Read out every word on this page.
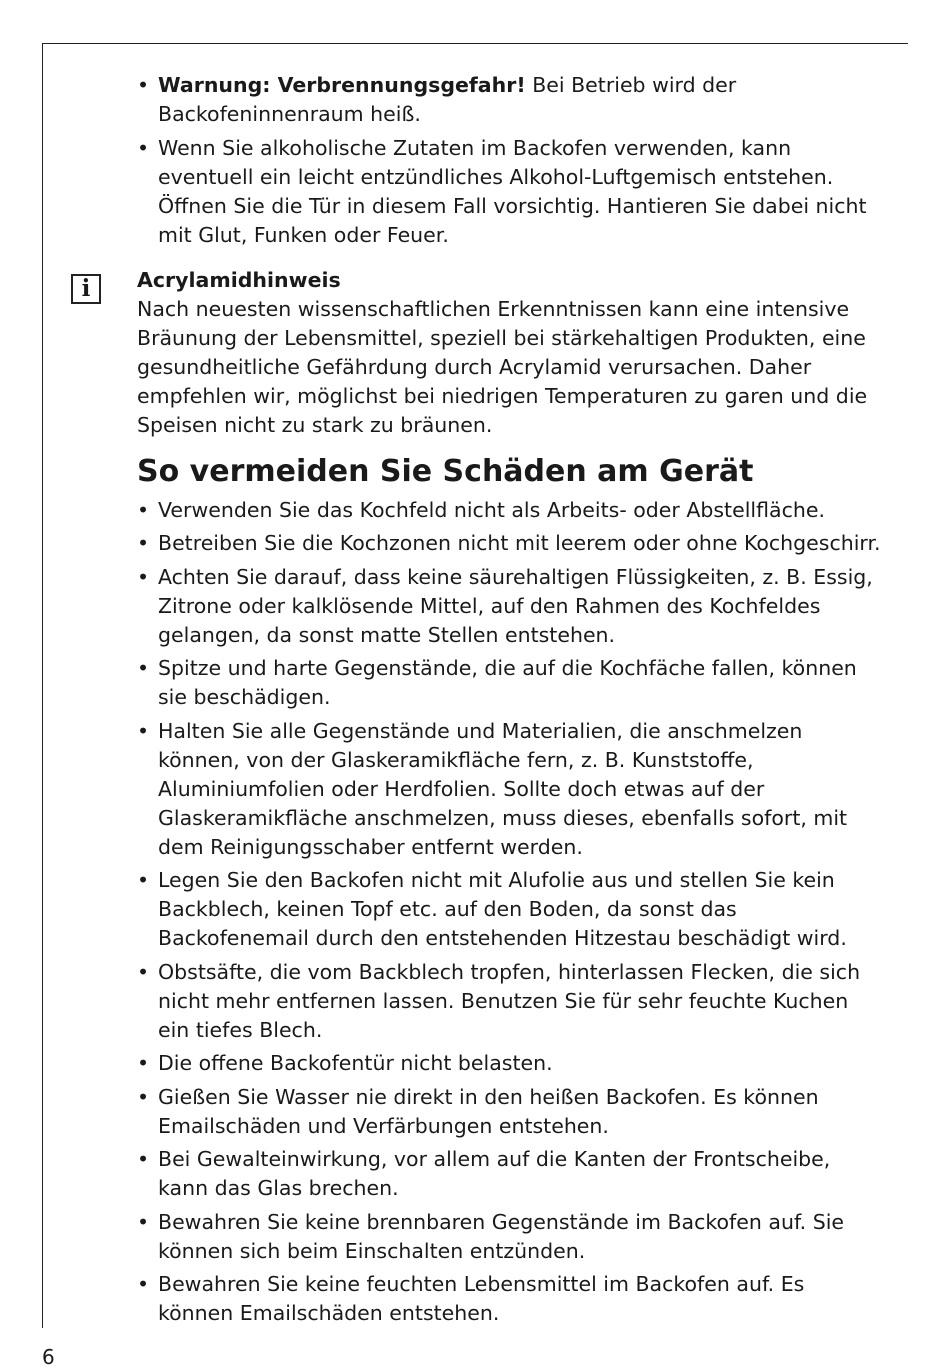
• Warnung: Verbrennungsgefahr! Bei Betrieb wird der Backofeninnenraum heiß.
• Wenn Sie alkoholische Zutaten im Backofen verwenden, kann eventuell ein leicht entzündliches Alkohol-Luftgemisch entstehen. Öffnen Sie die Tür in diesem Fall vorsichtig. Hantieren Sie dabei nicht mit Glut, Funken oder Feuer.
i	Acrylamidhinweis
Nach neuesten wissenschaftlichen Erkenntnissen kann eine intensive Bräunung der Lebensmittel, speziell bei stärkehaltigen Produkten, eine gesundheitliche Gefährdung durch Acrylamid verursachen. Daher empfehlen wir, möglichst bei niedrigen Temperaturen zu garen und die Speisen nicht zu stark zu bräunen.
So vermeiden Sie Schäden am Gerät
• Verwenden Sie das Kochfeld nicht als Arbeits- oder Abstellfläche.
• Betreiben Sie die Kochzonen nicht mit leerem oder ohne Kochgeschirr.
• Achten Sie darauf, dass keine säurehaltigen Flüssigkeiten, z. B. Essig, Zitrone oder kalklösende Mittel, auf den Rahmen des Kochfeldes gelangen, da sonst matte Stellen entstehen.
• Spitze und harte Gegenstände, die auf die Kochfäche fallen, können sie beschädigen.
• Halten Sie alle Gegenstände und Materialien, die anschmelzen können, von der Glaskeramikfläche fern, z. B. Kunststoffe, Aluminiumfolien oder Herdfolien. Sollte doch etwas auf der Glaskeramikfläche anschmelzen, muss dieses, ebenfalls sofort, mit dem Reinigungsschaber entfernt werden.
• Legen Sie den Backofen nicht mit Alufolie aus und stellen Sie kein Backblech, keinen Topf etc. auf den Boden, da sonst das Backofenemail durch den entstehenden Hitzestau beschädigt wird.
• Obstsäfte, die vom Backblech tropfen, hinterlassen Flecken, die sich nicht mehr entfernen lassen. Benutzen Sie für sehr feuchte Kuchen ein tiefes Blech.
• Die offene Backofentür nicht belasten.
• Gießen Sie Wasser nie direkt in den heißen Backofen. Es können Emailschäden und Verfärbungen entstehen.
• Bei Gewalteinwirkung, vor allem auf die Kanten der Frontscheibe, kann das Glas brechen.
• Bewahren Sie keine brennbaren Gegenstände im Backofen auf. Sie können sich beim Einschalten entzünden.
• Bewahren Sie keine feuchten Lebensmittel im Backofen auf. Es können Emailschäden entstehen.
6
